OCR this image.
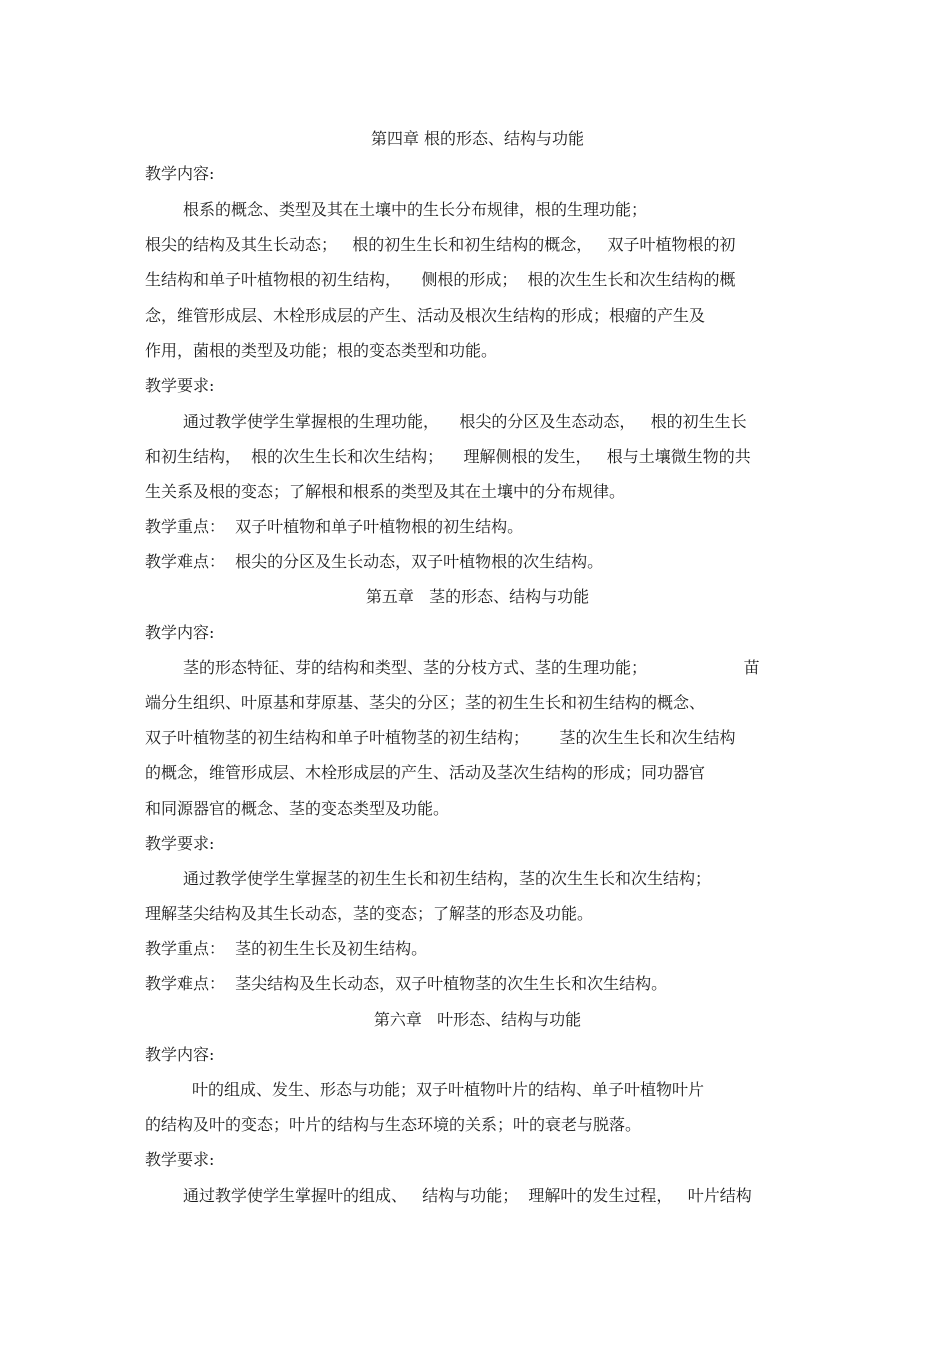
第四章 根的形态、结构与功能
教学内容:
根系的概念、类型及其在土壤中的生长分布规律，根的生理功能；
根尖的结构及其生长动态；   根的初生生长和初生结构的概念，   双子叶植物根的初
生结构和单子叶植物根的初生结构，    侧根的形成；  根的次生生长和次生结构的概
念，维管形成层、木栓形成层的产生、活动及根次生结构的形成；根瘤的产生及
作用，菌根的类型及功能；根的变态类型和功能。
教学要求:
通过教学使学生掌握根的生理功能，    根尖的分区及生态动态，   根的初生生长
和初生结构，  根的次生生长和次生结构；    理解侧根的发生，   根与土壤微生物的共
生关系及根的变态；了解根和根系的类型及其在土壤中的分布规律。
教学重点：  双子叶植物和单子叶植物根的初生结构。
教学难点：  根尖的分区及生长动态，双子叶植物根的次生结构。
第五章   茎的形态、结构与功能
教学内容:
茎的形态特征、芽的结构和类型、茎的分枝方式、茎的生理功能；                   苗
端分生组织、叶原基和芽原基、茎尖的分区；茎的初生生长和初生结构的概念、
双子叶植物茎的初生结构和单子叶植物茎的初生结构；      茎的次生生长和次生结构
的概念，维管形成层、木栓形成层的产生、活动及茎次生结构的形成；同功器官
和同源器官的概念、茎的变态类型及功能。
教学要求:
通过教学使学生掌握茎的初生生长和初生结构，茎的次生生长和次生结构；
理解茎尖结构及其生长动态，茎的变态；了解茎的形态及功能。
教学重点：  茎的初生生长及初生结构。
教学难点：  茎尖结构及生长动态，双子叶植物茎的次生生长和次生结构。
第六章   叶形态、结构与功能
教学内容:
叶的组成、发生、形态与功能；双子叶植物叶片的结构、单子叶植物叶片
的结构及叶的变态；叶片的结构与生态环境的关系；叶的衰老与脱落。
教学要求:
通过教学使学生掌握叶的组成、   结构与功能；  理解叶的发生过程，   叶片结构
